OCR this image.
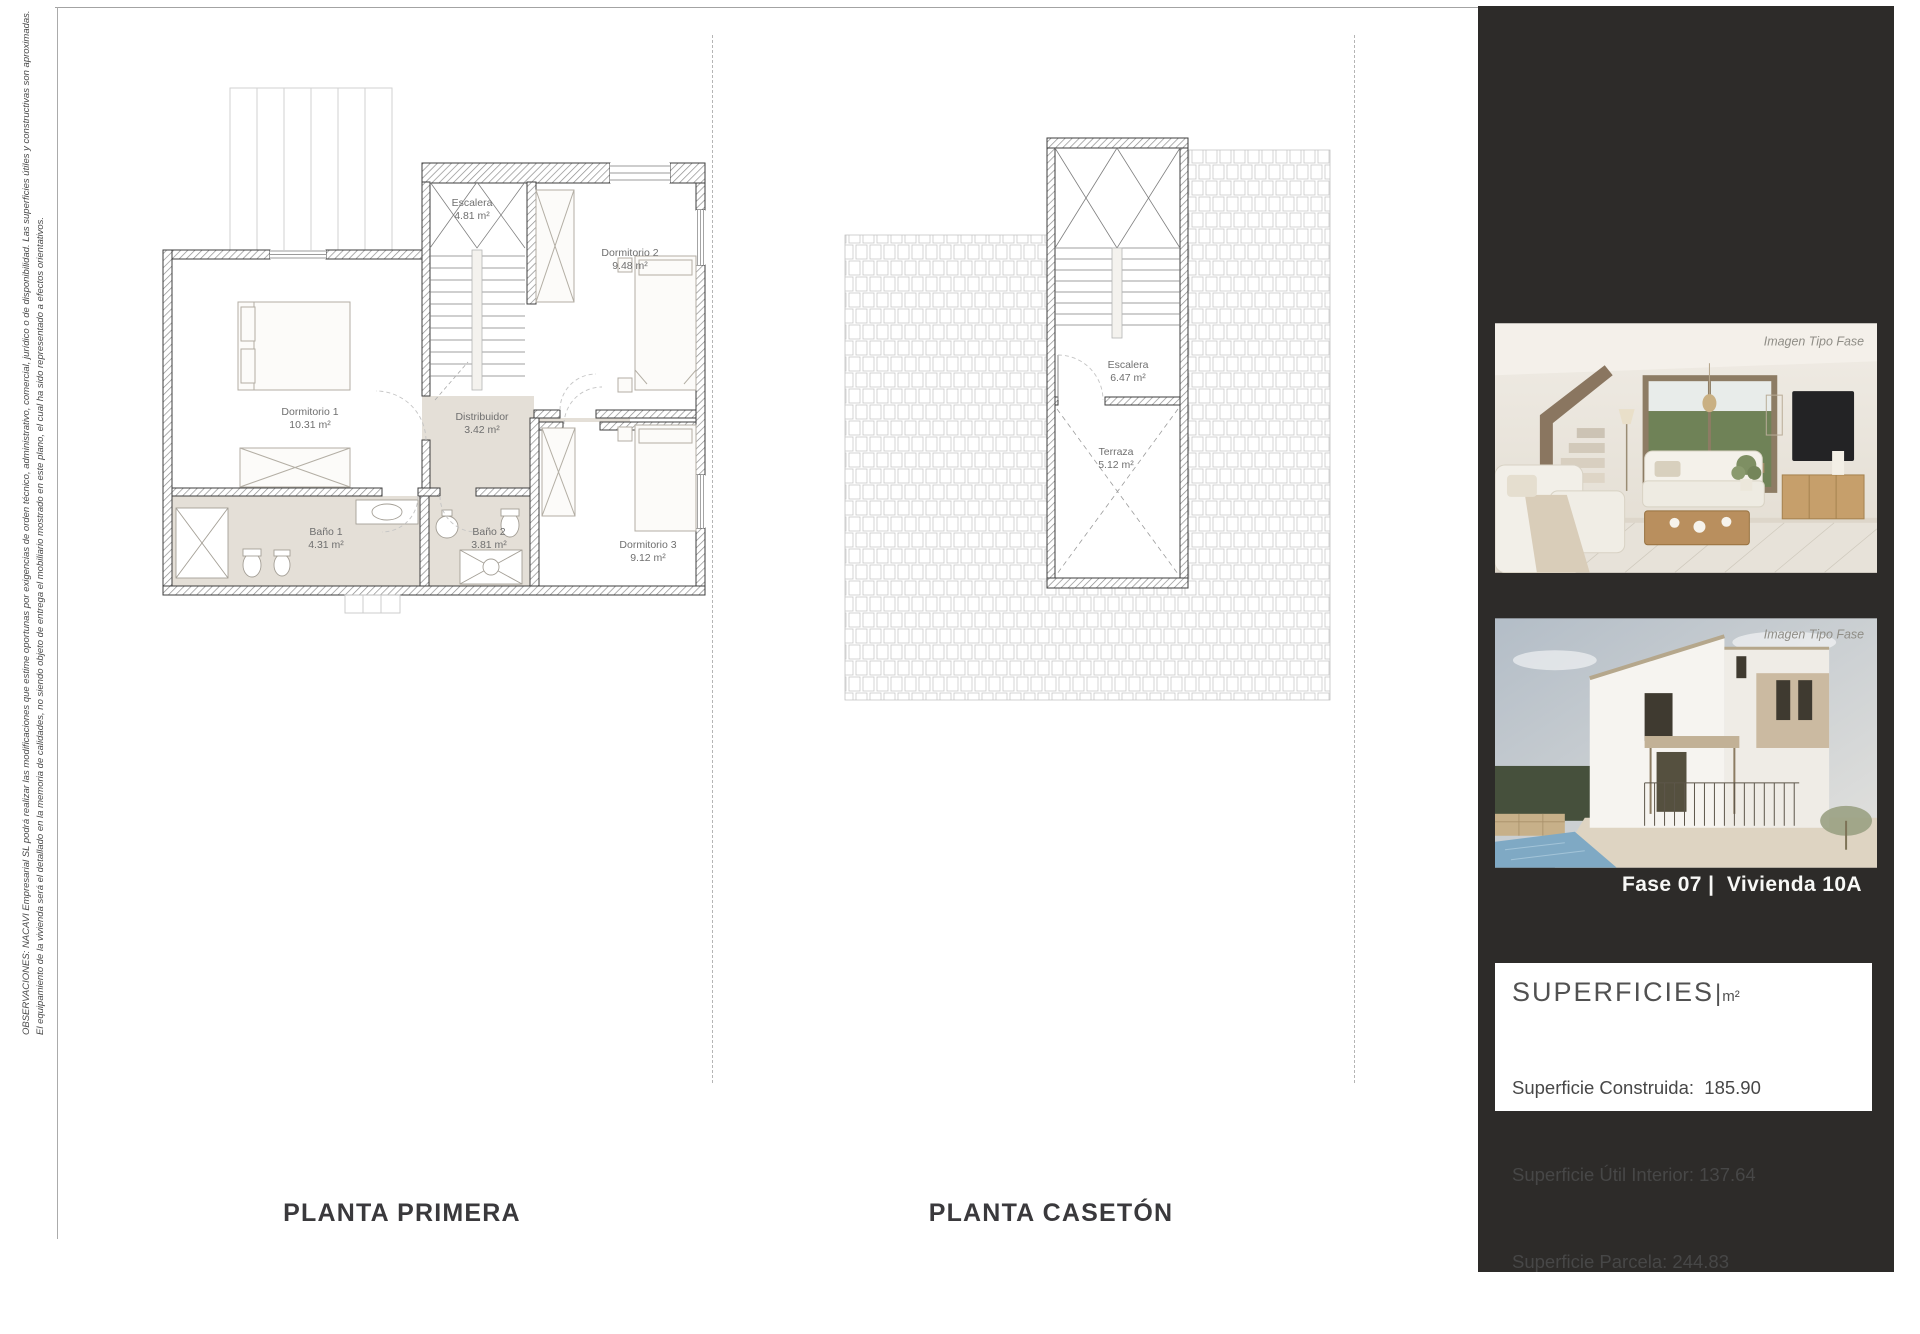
OBSERVACIONES: NACAVI Empresarial SL podrá realizar las modificaciones que estime oportunas por exigencias de orden técnico, administrativo, comercial, jurídico o de disponibilidad. Las superficies útiles y constructivas son aproximadas. El equipamiento de la vivienda será el detallado en la memoria de calidades, no siendo objeto de entrega el mobiliario mostrado en este plano, el cual ha sido representado a efectos orientativos.
Escalera
4.81 m²
Dormitorio 2
9.48 m²
Dormitorio 1
10.31 m²
Distribuidor
3.42 m²
Baño 1
4.31 m²
Baño 2
3.81 m²	Dormitorio 3
9.12 m²
Escalera
6.47 m²
Terraza
5.12 m²
PLANTA PRIMERA	PLANTA CASETÓN
Imagen Tipo Fase
Imagen Tipo Fase
Fase 07 |  Vivienda 10A
SUPERFICIES | m²

Superficie Construida:  185.90

Superficie Útil Interior: 137.64

Superficie Parcela: 244.83
